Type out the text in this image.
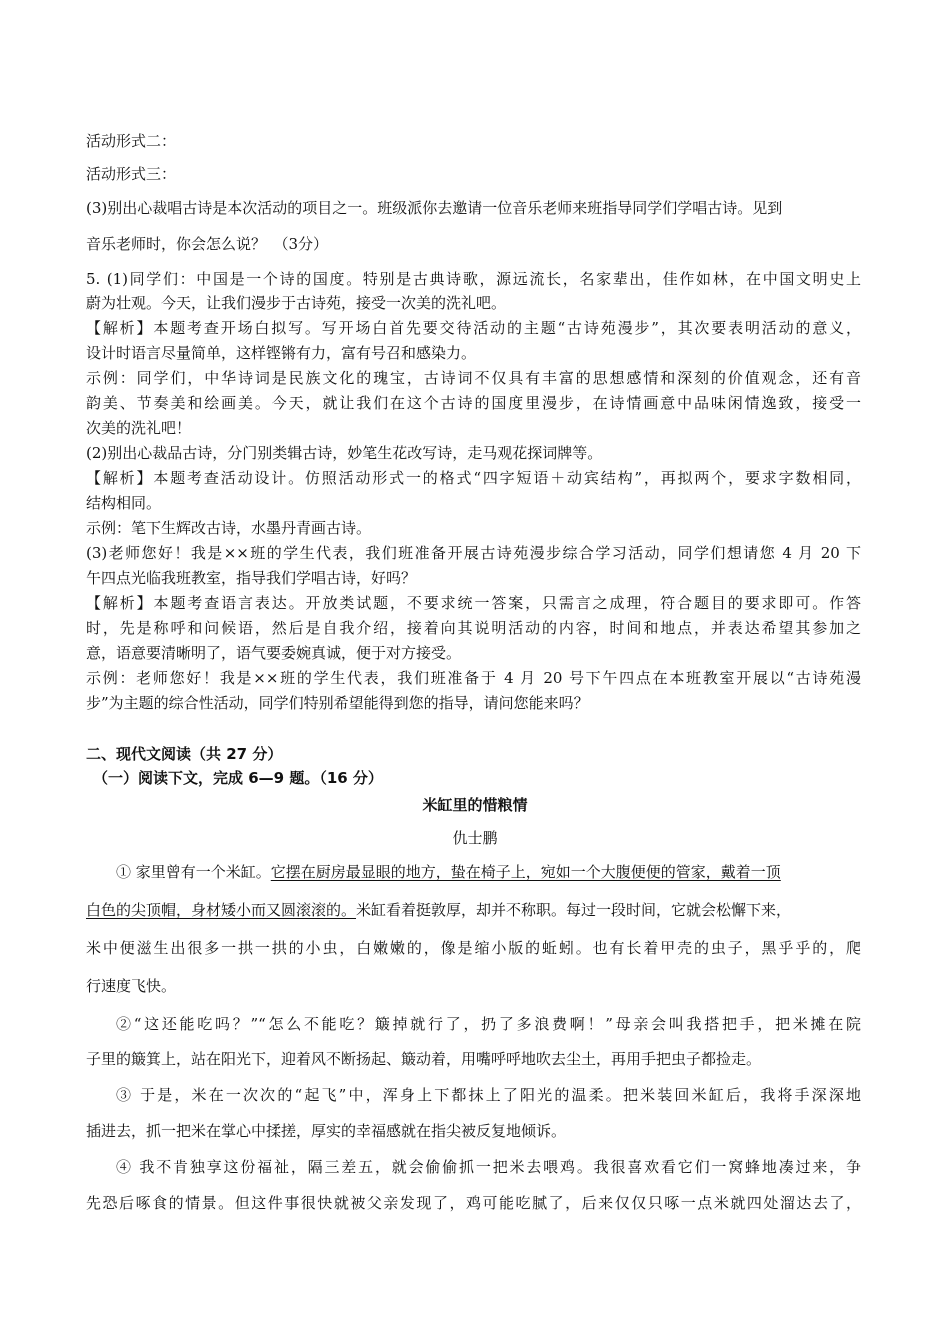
活动形式二：
活动形式三：
(3)别出心裁唱古诗是本次活动的项目之一。班级派你去邀请一位音乐老师来班指导同学们学唱古诗。见到
音乐老师时，你会怎么说？　（3分）
5. (1)同学们：中国是一个诗的国度。特别是古典诗歌，源远流长，名家辈出，佳作如林，在中国文明史上
蔚为壮观。今天，让我们漫步于古诗苑，接受一次美的洗礼吧。
【解析】本题考查开场白拟写。写开场白首先要交待活动的主题“古诗苑漫步”，其次要表明活动的意义，
设计时语言尽量简单，这样铿锵有力，富有号召和感染力。
示例：同学们，中华诗词是民族文化的瑰宝，古诗词不仅具有丰富的思想感情和深刻的价值观念，还有音
韵美、节奏美和绘画美。今天，就让我们在这个古诗的国度里漫步，在诗情画意中品味闲情逸致，接受一
次美的洗礼吧！
(2)别出心裁品古诗，分门别类辑古诗，妙笔生花改写诗，走马观花探词牌等。
【解析】本题考查活动设计。仿照活动形式一的格式“四字短语＋动宾结构”，再拟两个，要求字数相同，
结构相同。
示例：笔下生辉改古诗，水墨丹青画古诗。
(3)老师您好！我是××班的学生代表，我们班准备开展古诗苑漫步综合学习活动，同学们想请您 4 月 20 下
午四点光临我班教室，指导我们学唱古诗，好吗？
【解析】本题考查语言表达。开放类试题，不要求统一答案，只需言之成理，符合题目的要求即可。作答
时，先是称呼和问候语，然后是自我介绍，接着向其说明活动的内容，时间和地点，并表达希望其参加之
意，语意要清晰明了，语气要委婉真诚，便于对方接受。
示例：老师您好！我是××班的学生代表，我们班准备于 4 月 20 号下午四点在本班教室开展以“古诗苑漫
步”为主题的综合性活动，同学们特别希望能得到您的指导，请问您能来吗？
二、现代文阅读（共 27 分）
（一）阅读下文，完成 6—9 题。（16 分）
米缸里的惜粮情
仇士鹏
① 家里曾有一个米缸。它摆在厨房最显眼的地方，蛰在椅子上，宛如一个大腹便便的管家，戴着一顶
白色的尖顶帽，身材矮小而又圆滚滚的。米缸看着挺敦厚，却并不称职。每过一段时间，它就会松懈下来，
米中便滋生出很多一拱一拱的小虫，白嫩嫩的，像是缩小版的蚯蚓。也有长着甲壳的虫子，黑乎乎的，爬
行速度飞快。
②“这还能吃吗？”“怎么不能吃？簸掉就行了，扔了多浪费啊！”母亲会叫我搭把手，把米摊在院
子里的簸箕上，站在阳光下，迎着风不断扬起、簸动着，用嘴呼呼地吹去尘土，再用手把虫子都捡走。
③ 于是，米在一次次的“起飞”中，浑身上下都抹上了阳光的温柔。把米装回米缸后，我将手深深地
插进去，抓一把米在掌心中揉搓，厚实的幸福感就在指尖被反复地倾诉。
④ 我不肯独享这份福祉，隔三差五，就会偷偷抓一把米去喂鸡。我很喜欢看它们一窝蜂地凑过来，争
先恐后啄食的情景。但这件事很快就被父亲发现了，鸡可能吃腻了，后来仅仅只啄一点米就四处溜达去了，
